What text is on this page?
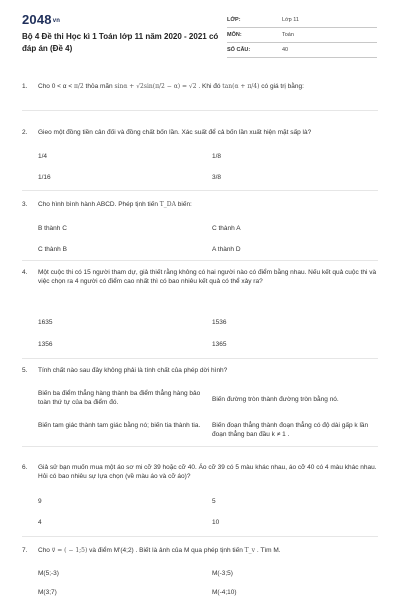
2048vn
Bộ 4 Đề thi Học kì 1 Toán lớp 11 năm 2020 - 2021 có đáp án (Đề 4)
LỚP:	Lớp 11
MÔN:	Toán
SỐ CÂU:	40
1. Cho 0 < α < π/2 thỏa mãn sinα + √2sin(π/2 − α) = √2 . Khi đó tan(α + π/4) có giá trị bằng:
2. Gieo một đồng tiền cân đối và đồng chất bốn lần. Xác suất để cả bốn lần xuất hiện mặt sấp là?
1/4	1/8
1/16	3/8
3. Cho hình bình hành ABCD. Phép tịnh tiến T_DA biến:
B thành C	C thành A
C thành B	A thành D
4. Một cuộc thi có 15 người tham dự, giả thiết rằng không có hai người nào có điểm bằng nhau. Nếu kết quả cuộc thi và việc chọn ra 4 người có điểm cao nhất thì có bao nhiêu kết quả có thể xảy ra?
1635	1536
1356	1365
5. Tính chất nào sau đây không phải là tính chất của phép dời hình?
Biến ba điểm thẳng hàng thành ba điểm thẳng hàng bảo toàn thứ tự của ba điểm đó.	Biến đường tròn thành đường tròn bằng nó.
Biến tam giác thành tam giác bằng nó; biến tia thành tia.	Biến đoạn thẳng thành đoạn thẳng có độ dài gấp k lần đoạn thẳng ban đầu k ≠ 1 .
6. Giả sử bạn muốn mua một áo sơ mi cỡ 39 hoặc cỡ 40. Áo cỡ 39 có 5 màu khác nhau, áo cỡ 40 có 4 màu khác nhau. Hỏi có bao nhiêu sự lựa chọn (về màu áo và cỡ áo)?
9	5
4	10
7. Cho v⃗ = ( − 1;5) và điểm M'(4;2) . Biết là ảnh của M qua phép tịnh tiến T_v . Tìm M.
M(5;-3)	M(-3;5)
M(3;7)	M(-4;10)
